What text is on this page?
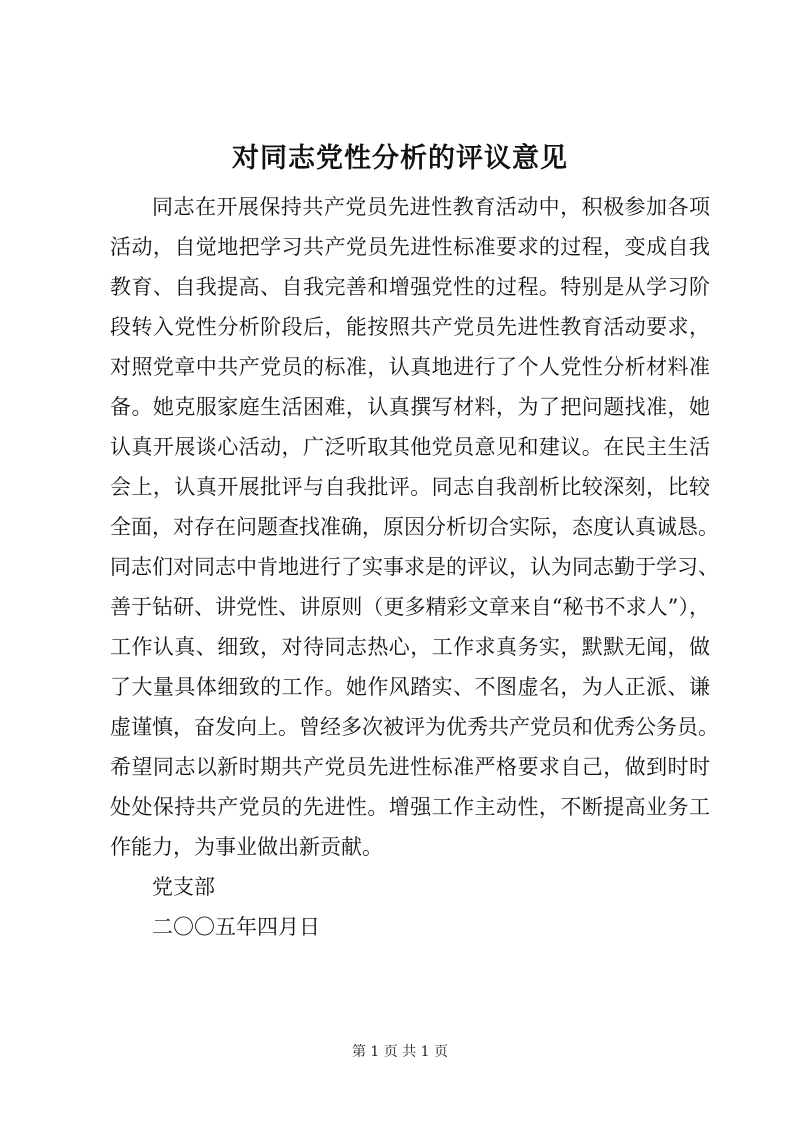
对同志党性分析的评议意见
同志在开展保持共产党员先进性教育活动中，积极参加各项
活动，自觉地把学习共产党员先进性标准要求的过程，变成自我
教育、自我提高、自我完善和增强党性的过程。特别是从学习阶
段转入党性分析阶段后，能按照共产党员先进性教育活动要求，
对照党章中共产党员的标准，认真地进行了个人党性分析材料准
备。她克服家庭生活困难，认真撰写材料，为了把问题找准，她
认真开展谈心活动，广泛听取其他党员意见和建议。在民主生活
会上，认真开展批评与自我批评。同志自我剖析比较深刻，比较
全面，对存在问题查找准确，原因分析切合实际，态度认真诚恳。
同志们对同志中肯地进行了实事求是的评议，认为同志勤于学习、
善于钻研、讲党性、讲原则（更多精彩文章来自“秘书不求人”），
工作认真、细致，对待同志热心，工作求真务实，默默无闻，做
了大量具体细致的工作。她作风踏实、不图虚名，为人正派、谦
虚谨慎，奋发向上。曾经多次被评为优秀共产党员和优秀公务员。
希望同志以新时期共产党员先进性标准严格要求自己，做到时时
处处保持共产党员的先进性。增强工作主动性，不断提高业务工
作能力，为事业做出新贡献。
党支部
二〇〇五年四月日
第 1 页 共 1 页
